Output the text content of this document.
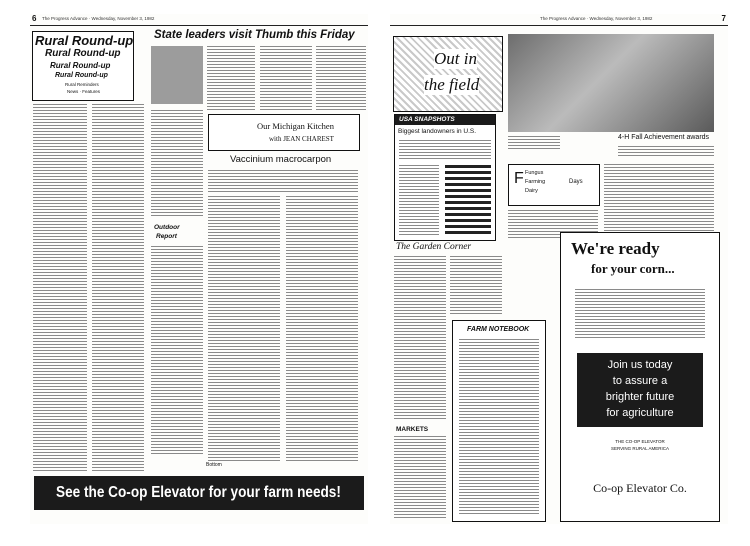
6 The Progress Advance · Wednesday, November 3, 1982
Rural Round-up
Rural Round-up
Rural Round-up
Rural Round-up
Rural Reminders
News · Features
State leaders visit Thumb this Friday
Our Michigan Kitchen
with JEAN CHAREST
Vaccinium macrocarpon
Outdoor
Report
Bottom
See the Co-op Elevator for your farm needs!
The Progress Advance · Wednesday, November 3, 1982	7
Out in
the field
4-H Fall Achievement awards
USA SNAPSHOTS
Biggest landowners in U.S.
F Fungus
Farming
Dairy
Days
The Garden Corner
FARM NOTEBOOK
MARKETS
We're ready
for your corn...
Join us today
to assure a
brighter future
for agriculture
THE CO-OP ELEVATOR
SERVING RURAL AMERICA
Co-op Elevator Co.
